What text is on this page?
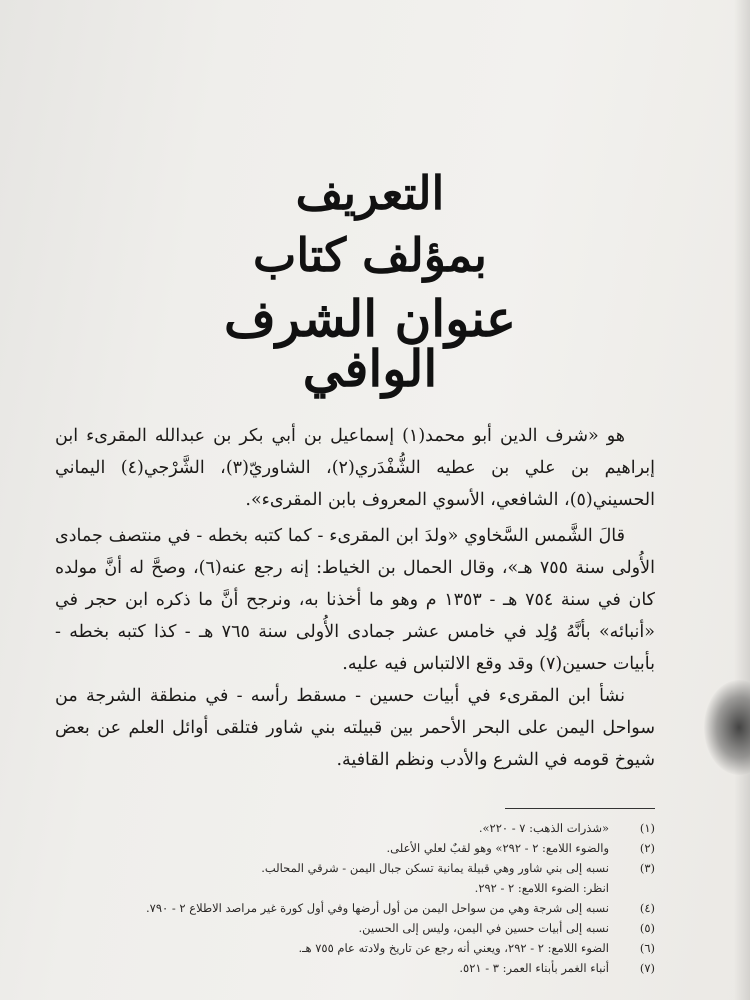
التعريف
بمؤلف كتاب
عنوان الشرف الوافي

هو «شرف الدين أبو محمد(١) إسماعيل بن أبي بكر بن عبدالله المقرىء ابن إبراهيم بن علي بن عطيه الشُّفْدَري(٢)، الشاوريّ(٣)، الشَّرْجي(٤) اليماني الحسيني(٥)، الشافعي، الأسوي المعروف بابن المقرىء».

قالَ الشَّمس السَّخاوي «ولدَ ابن المقرىء - كما كتبه بخطه - في منتصف جمادى الأُولى سنة ٧٥٥ هـ»، وقال الحمال بن الخياط: إنه رجع عنه(٦)، وصحَّ له أنَّ مولده كان في سنة ٧٥٤ هـ - ١٣٥٣ م وهو ما أخذنا به، ونرجح أنَّ ما ذكره ابن حجر في «أنبائه» بأنَّهُ وُلِد في خامس عشر جمادى الأُولى سنة ٧٦٥ هـ - كذا كتبه بخطه - بأبيات حسين(٧) وقد وقع الالتباس فيه عليه.

نشأ ابن المقرىء في أبيات حسين - مسقط رأسه - في منطقة الشرجة من سواحل اليمن على البحر الأحمر بين قبيلته بني شاور فتلقى أوائل العلم عن بعض شيوخ قومه في الشرع والأدب ونظم القافية.

(١)
«شذرات الذهب: ٧ - ٢٢٠».
(٢)
والضوء اللامع: ٢ - ٢٩٢» وهو لقبٌ لعلي الأعلى.
(٣)
نسبه إلى بني شاور وهي قبيلة يمانية تسكن جبال اليمن - شرقي المحالب.
انظر: الضوء اللامع: ٢ - ٢٩٢.
(٤)
نسبه إلى شرجة وهي من سواحل اليمن من أول أرضها وفي أول كورة غير مراصد الاطلاع ٢ - ٧٩٠.
(٥)
نسبه إلى أبيات حسين في اليمن، وليس إلى الحسين.
(٦)
الضوء اللامع: ٢ - ٢٩٢، ويعني أنه رجع عن تاريخ ولادته عام ٧٥٥ هـ.
(٧)
أنباء الغمر بأبناء العمر: ٣ - ٥٢١.
